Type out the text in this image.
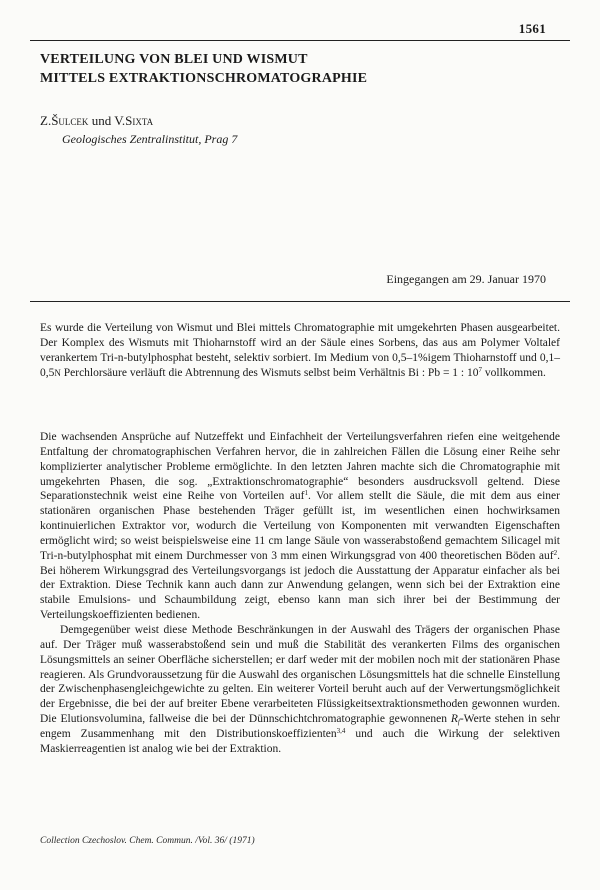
1561
VERTEILUNG VON BLEI UND WISMUT
MITTELS EXTRAKTIONSCHROMATOGRAPHIE
Z.Šulcek und V.Sixta
Geologisches Zentralinstitut, Prag 7
Eingegangen am 29. Januar 1970

Es wurde die Verteilung von Wismut und Blei mittels Chromatographie mit umgekehrten Phasen ausgearbeitet. Der Komplex des Wismuts mit Thioharnstoff wird an der Säule eines Sorbens, das aus am Polymer Voltalef verankertem Tri-n-butylphosphat besteht, selektiv sorbiert. Im Medium von 0,5–1%igem Thioharnstoff und 0,1–0,5N Perchlorsäure verläuft die Abtrennung des Wismuts selbst beim Verhältnis Bi : Pb = 1 : $10^7$ vollkommen.

Die wachsenden Ansprüche auf Nutzeffekt und Einfachheit der Verteilungsverfahren riefen eine weitgehende Entfaltung der chromatographischen Verfahren hervor, die in zahlreichen Fällen die Lösung einer Reihe sehr komplizierter analytischer Probleme ermöglichte. In den letzten Jahren machte sich die Chromatographie mit umgekehrten Phasen, die sog. „Extraktionschromatographie“ besonders ausdrucksvoll geltend. Diese Separationstechnik weist eine Reihe von Vorteilen auf$^1$. Vor allem stellt die Säule, die mit dem aus einer stationären organischen Phase bestehenden Träger gefüllt ist, im wesentlichen einen hochwirksamen kontinuierlichen Extraktor vor, wodurch die Verteilung von Komponenten mit verwandten Eigenschaften ermöglicht wird; so weist beispielsweise eine 11 cm lange Säule von wasserabstoßend gemachtem Silicagel mit Tri-n-butylphosphat mit einem Durchmesser von 3 mm einen Wirkungsgrad von 400 theoretischen Böden auf$^2$. Bei höherem Wirkungsgrad des Verteilungsvorgangs ist jedoch die Ausstattung der Apparatur einfacher als bei der Extraktion. Diese Technik kann auch dann zur Anwendung gelangen, wenn sich bei der Extraktion eine stabile Emulsions- und Schaumbildung zeigt, ebenso kann man sich ihrer bei der Bestimmung der Verteilungskoeffizienten bedienen.

Demgegenüber weist diese Methode Beschränkungen in der Auswahl des Trägers der organischen Phase auf. Der Träger muß wasserabstoßend sein und muß die Stabilität des verankerten Films des organischen Lösungsmittels an seiner Oberfläche sicherstellen; er darf weder mit der mobilen noch mit der stationären Phase reagieren. Als Grundvoraussetzung für die Auswahl des organischen Lösungsmittels hat die schnelle Einstellung der Zwischenphasengleichgewichte zu gelten. Ein weiterer Vorteil beruht auch auf der Verwertungsmöglichkeit der Ergebnisse, die bei der auf breiter Ebene verarbeiteten Flüssigkeitsextraktionsmethoden gewonnen wurden. Die Elutionsvolumina, fallweise die bei der Dünnschichtchromatographie gewonnenen $R_f$-Werte stehen in sehr engem Zusammenhang mit den Distributionskoeffizienten$^{3,4}$ und auch die Wirkung der selektiven Maskierreagentien ist analog wie bei der Extraktion.

Collection Czechoslov. Chem. Commun. /Vol. 36/ (1971)
